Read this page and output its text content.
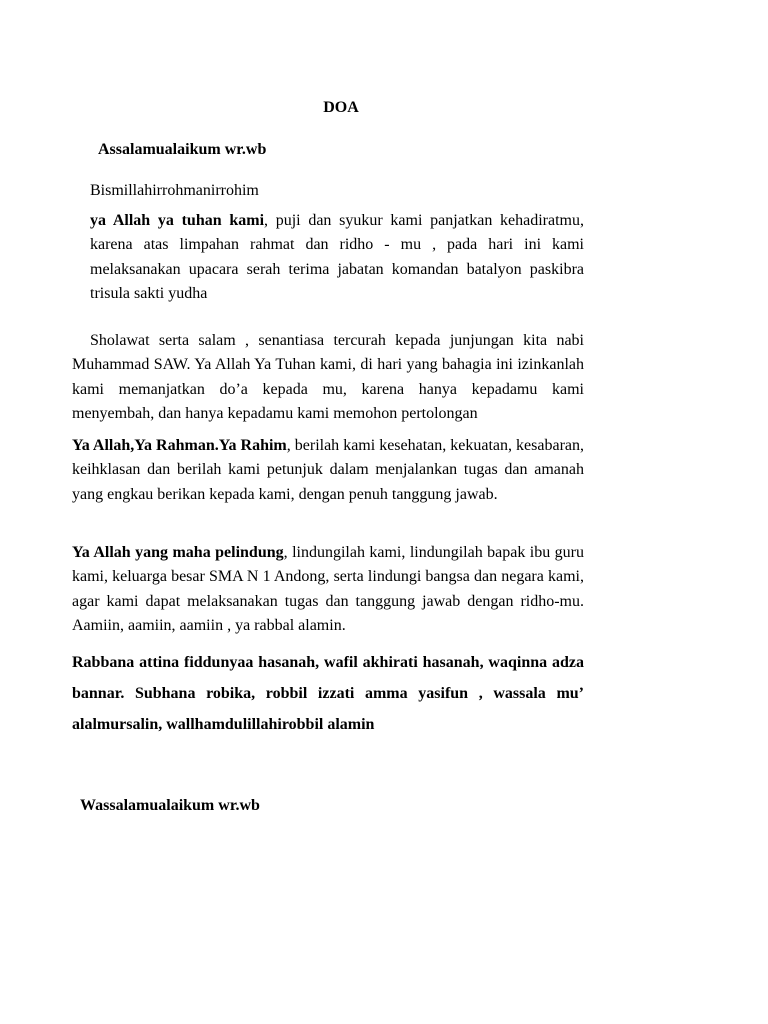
DOA
Assalamualaikum wr.wb
Bismillahirrohmanirrohim

ya Allah ya tuhan kami, puji dan syukur kami panjatkan kehadiratmu, karena atas limpahan rahmat dan ridho - mu , pada hari ini kami melaksanakan upacara serah terima jabatan komandan batalyon paskibra trisula sakti yudha

Sholawat serta salam , senantiasa tercurah kepada junjungan kita nabi Muhammad SAW. Ya Allah Ya Tuhan kami, di hari yang bahagia ini izinkanlah kami memanjatkan do’a kepada mu, karena hanya kepadamu kami menyembah, dan hanya kepadamu kami memohon pertolongan

Ya Allah,Ya Rahman.Ya Rahim, berilah kami kesehatan, kekuatan, kesabaran, keihklasan dan berilah kami petunjuk dalam menjalankan tugas dan amanah yang engkau berikan kepada kami, dengan penuh tanggung jawab.

Ya Allah yang maha pelindung, lindungilah kami, lindungilah bapak ibu guru kami, keluarga besar SMA N 1 Andong, serta lindungi bangsa dan negara kami, agar kami dapat melaksanakan tugas dan tanggung jawab dengan ridho-mu. Aamiin, aamiin, aamiin , ya rabbal alamin.

Rabbana attina fiddunyaa hasanah, wafil akhirati hasanah, waqinna adza bannar. Subhana robika, robbil izzati amma yasifun , wassala mu’ alalmursalin, wallhamdulillahirobbil alamin

Wassalamualaikum wr.wb
